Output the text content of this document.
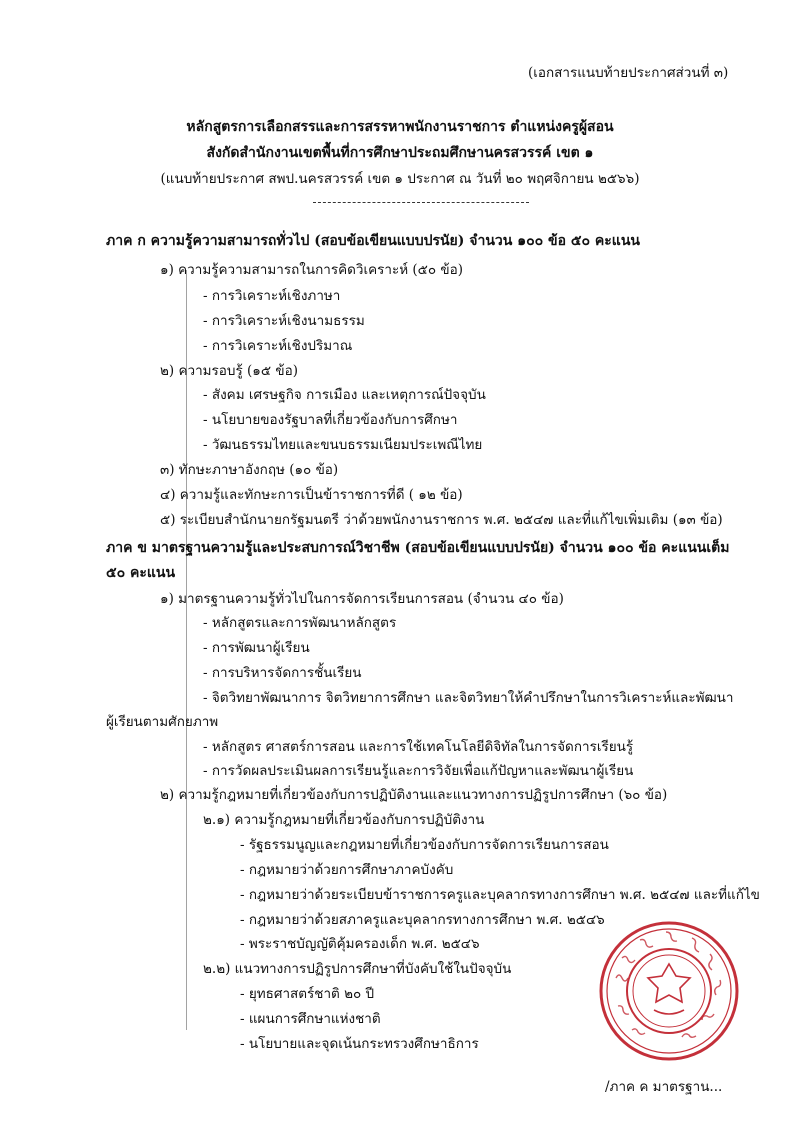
(เอกสารแนบท้ายประกาศส่วนที่ ๓)
หลักสูตรการเลือกสรรและการสรรหาพนักงานราชการ ตำแหน่งครูผู้สอน
สังกัดสำนักงานเขตพื้นที่การศึกษาประถมศึกษานครสวรรค์ เขต ๑
(แนบท้ายประกาศ สพป.นครสวรรค์ เขต ๑ ประกาศ ณ วันที่ ๒๐ พฤศจิกายน ๒๕๖๖)
ภาค ก ความรู้ความสามารถทั่วไป (สอบข้อเขียนแบบปรนัย) จำนวน ๑๐๐ ข้อ ๕๐ คะแนน
๑) ความรู้ความสามารถในการคิดวิเคราะห์ (๕๐ ข้อ)
- การวิเคราะห์เชิงภาษา
- การวิเคราะห์เชิงนามธรรม
- การวิเคราะห์เชิงปริมาณ
๒) ความรอบรู้ (๑๕ ข้อ)
- สังคม เศรษฐกิจ การเมือง และเหตุการณ์ปัจจุบัน
- นโยบายของรัฐบาลที่เกี่ยวข้องกับการศึกษา
- วัฒนธรรมไทยและขนบธรรมเนียมประเพณีไทย
๓) ทักษะภาษาอังกฤษ (๑๐ ข้อ)
๔) ความรู้และทักษะการเป็นข้าราชการที่ดี ( ๑๒ ข้อ)
๕) ระเบียบสำนักนายกรัฐมนตรี ว่าด้วยพนักงานราชการ พ.ศ. ๒๕๔๗ และที่แก้ไขเพิ่มเติม (๑๓ ข้อ)
ภาค ข มาตรฐานความรู้และประสบการณ์วิชาชีพ (สอบข้อเขียนแบบปรนัย) จำนวน ๑๐๐ ข้อ คะแนนเต็ม
๕๐ คะแนน
๑) มาตรฐานความรู้ทั่วไปในการจัดการเรียนการสอน (จำนวน ๔๐ ข้อ)
- หลักสูตรและการพัฒนาหลักสูตร
- การพัฒนาผู้เรียน
- การบริหารจัดการชั้นเรียน
- จิตวิทยาพัฒนาการ จิตวิทยาการศึกษา และจิตวิทยาให้คำปรึกษาในการวิเคราะห์และพัฒนา
ผู้เรียนตามศักยภาพ
- หลักสูตร ศาสตร์การสอน และการใช้เทคโนโลยีดิจิทัลในการจัดการเรียนรู้
- การวัดผลประเมินผลการเรียนรู้และการวิจัยเพื่อแก้ปัญหาและพัฒนาผู้เรียน
๒) ความรู้กฎหมายที่เกี่ยวข้องกับการปฏิบัติงานและแนวทางการปฏิรูปการศึกษา (๖๐ ข้อ)
๒.๑) ความรู้กฎหมายที่เกี่ยวข้องกับการปฏิบัติงาน
- รัฐธรรมนูญและกฎหมายที่เกี่ยวข้องกับการจัดการเรียนการสอน
- กฎหมายว่าด้วยการศึกษาภาคบังคับ
- กฎหมายว่าด้วยระเบียบข้าราชการครูและบุคลากรทางการศึกษา พ.ศ. ๒๕๔๗ และที่แก้ไข
- กฎหมายว่าด้วยสภาครูและบุคลากรทางการศึกษา พ.ศ. ๒๕๔๖
- พระราชบัญญัติคุ้มครองเด็ก พ.ศ. ๒๕๔๖
๒.๒) แนวทางการปฏิรูปการศึกษาที่บังคับใช้ในปัจจุบัน
- ยุทธศาสตร์ชาติ ๒๐ ปี
- แผนการศึกษาแห่งชาติ
- นโยบายและจุดเน้นกระทรวงศึกษาธิการ
/ภาค ค มาตรฐาน...
